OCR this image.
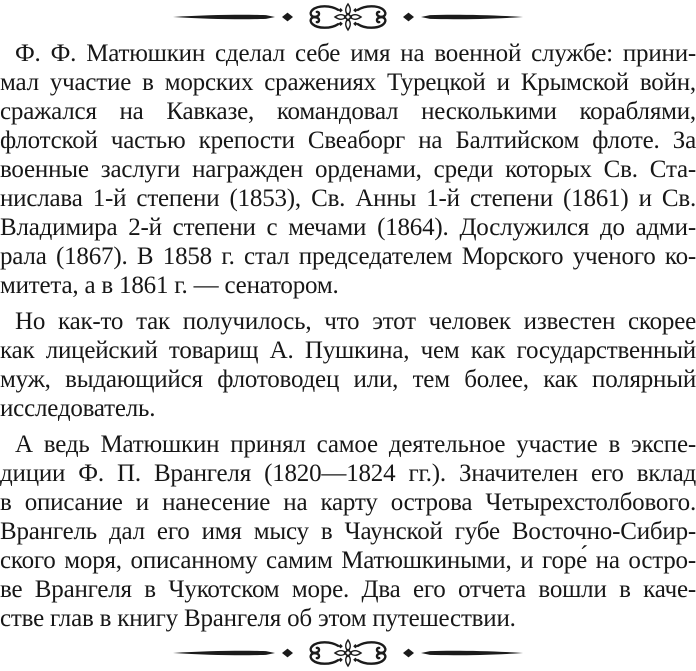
Ф. Ф. Матюшкин сделал себе имя на военной службе: прини-
мал участие в морских сражениях Турецкой и Крымской войн,
сражался на Кавказе, командовал несколькими кораблями,
флотской частью крепости Свеаборг на Балтийском флоте. За
военные заслуги награжден орденами, среди которых Св. Ста-
нислава 1-й степени (1853), Св. Анны 1-й степени (1861) и Св.
Владимира 2-й степени с мечами (1864). Дослужился до адми-
рала (1867). В 1858 г. стал председателем Морского ученого ко-
митета, а в 1861 г. — сенатором.
Но как-то так получилось, что этот человек известен скорее
как лицейский товарищ А. Пушкина, чем как государственный
муж, выдающийся флотоводец или, тем более, как полярный
исследователь.
А ведь Матюшкин принял самое деятельное участие в экспе-
диции Ф. П. Врангеля (1820—1824 гг.). Значителен его вклад
в описание и нанесение на карту острова Четырехстолбового.
Врангель дал его имя мысу в Чаунской губе Восточно-Сибир-
ского моря, описанному самим Матюшкиными, и горе́ на остро-
ве Врангеля в Чукотском море. Два его отчета вошли в каче-
стве глав в книгу Врангеля об этом путешествии.
